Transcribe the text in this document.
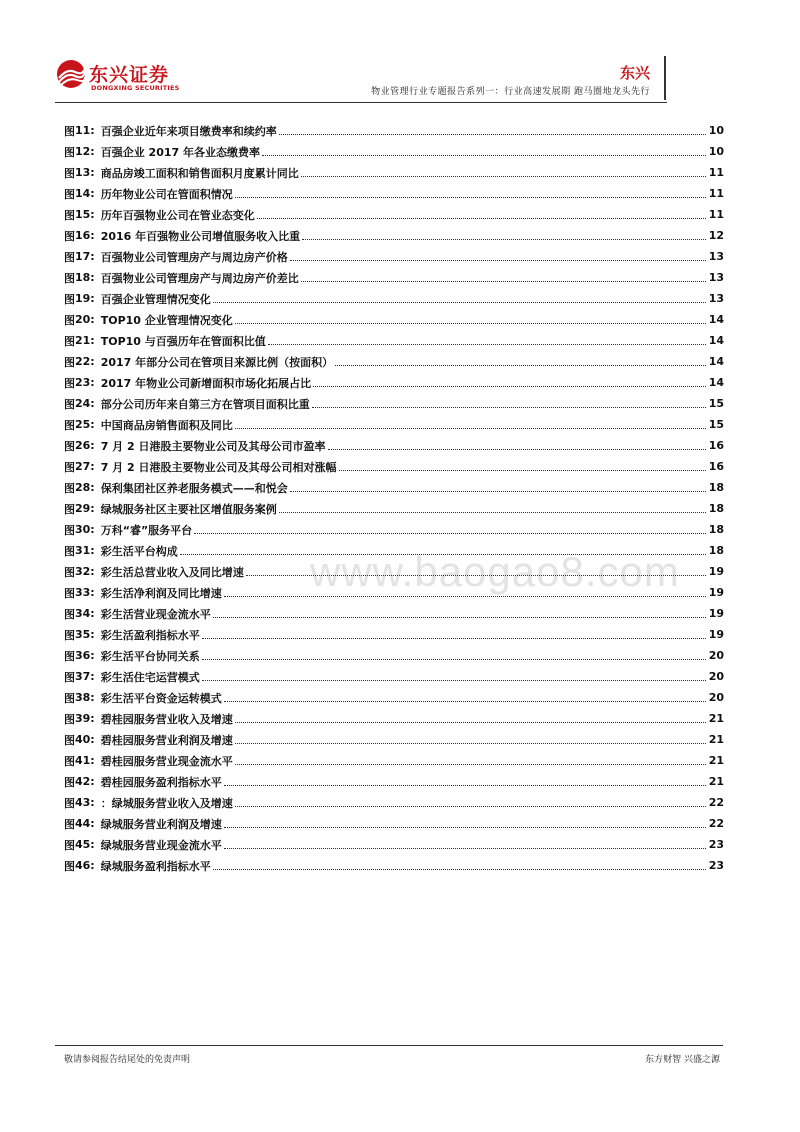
东兴证券
DONGXING SECURITIES
东兴
物业管理行业专题报告系列一：行业高速发展期 跑马圈地龙头先行
www.baogao8.com
图 11: 百强企业近年来项目缴费率和续约率	10
图 12: 百强企业 2017 年各业态缴费率	10
图 13: 商品房竣工面积和销售面积月度累计同比	11
图 14: 历年物业公司在管面积情况	11
图 15: 历年百强物业公司在管业态变化	11
图 16: 2016 年百强物业公司增值服务收入比重	12
图 17: 百强物业公司管理房产与周边房产价格	13
图 18: 百强物业公司管理房产与周边房产价差比	13
图 19: 百强企业管理情况变化	13
图 20: TOP10 企业管理情况变化	14
图 21: TOP10 与百强历年在管面积比值	14
图 22: 2017 年部分公司在管项目来源比例（按面积）	14
图 23: 2017 年物业公司新增面积市场化拓展占比	14
图 24: 部分公司历年来自第三方在管项目面积比重	15
图 25: 中国商品房销售面积及同比	15
图 26: 7 月 2 日港股主要物业公司及其母公司市盈率	16
图 27: 7 月 2 日港股主要物业公司及其母公司相对涨幅	16
图 28: 保利集团社区养老服务模式——和悦会	18
图 29: 绿城服务社区主要社区增值服务案例	18
图 30: 万科“睿”服务平台	18
图 31: 彩生活平台构成	18
图 32: 彩生活总营业收入及同比增速	19
图 33: 彩生活净利润及同比增速	19
图 34: 彩生活营业现金流水平	19
图 35: 彩生活盈利指标水平	19
图 36: 彩生活平台协同关系	20
图 37: 彩生活住宅运营模式	20
图 38: 彩生活平台资金运转模式	20
图 39: 碧桂园服务营业收入及增速	21
图 40: 碧桂园服务营业利润及增速	21
图 41: 碧桂园服务营业现金流水平	21
图 42: 碧桂园服务盈利指标水平	21
图 43: ：绿城服务营业收入及增速	22
图 44: 绿城服务营业利润及增速	22
图 45: 绿城服务营业现金流水平	23
图 46: 绿城服务盈利指标水平	23
敬请参阅报告结尾处的免责声明	东方财智 兴盛之源
